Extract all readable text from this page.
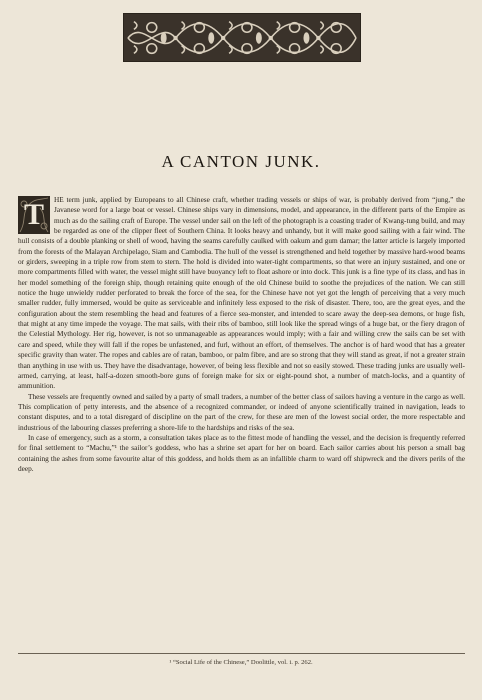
A CANTON JUNK.

T	HE term junk, applied by Europeans to all Chinese craft, whether trading vessels or ships of war, is probably derived from “jung,” the Javanese word for a large boat or vessel. Chinese ships vary in dimensions, model, and appearance, in the different parts of the Empire as much as do the sailing craft of Europe. The vessel under sail on the left of the photograph is a coasting trader of Kwang-tung build, and may be regarded as one of the clipper fleet of Southern China. It looks heavy and unhandy, but it will make good sailing with a fair wind. The hull consists of a double planking or shell of wood, having the seams carefully caulked with oakum and gum damar; the latter article is largely imported from the forests of the Malayan Archipelago, Siam and Cambodia. The hull of the vessel is strengthened and held together by massive hard-wood beams or girders, sweeping in a triple row from stem to stern. The hold is divided into water-tight compartments, so that were an injury sustained, and one or more compartments filled with water, the vessel might still have buoyancy left to float ashore or into dock. This junk is a fine type of its class, and has in her model something of the foreign ship, though retaining quite enough of the old Chinese build to soothe the prejudices of the nation. We can still notice the huge unwieldy rudder perforated to break the force of the sea, for the Chinese have not yet got the length of perceiving that a very much smaller rudder, fully immersed, would be quite as serviceable and infinitely less exposed to the risk of disaster. There, too, are the great eyes, and the configuration about the stem resembling the head and features of a fierce sea-monster, and intended to scare away the deep-sea demons, or huge fish, that might at any time impede the voyage. The mat sails, with their ribs of bamboo, still look like the spread wings of a huge bat, or the fiery dragon of the Celestial Mythology. Her rig, however, is not so unmanageable as appearances would imply; with a fair and willing crew the sails can be set with care and speed, while they will fall if the ropes be unfastened, and furl, without an effort, of themselves. The anchor is of hard wood that has a greater specific gravity than water. The ropes and cables are of ratan, bamboo, or palm fibre, and are so strong that they will stand as great, if not a greater strain than anything in use with us. They have the disadvantage, however, of being less flexible and not so easily stowed. These trading junks are usually well-armed, carrying, at least, half-a-dozen smooth-bore guns of foreign make for six or eight-pound shot, a number of match-locks, and a quantity of ammunition.

These vessels are frequently owned and sailed by a party of small traders, a number of the better class of sailors having a venture in the cargo as well. This complication of petty interests, and the absence of a recognized commander, or indeed of anyone scientifically trained in navigation, leads to constant disputes, and to a total disregard of discipline on the part of the crew, for these are men of the lowest social order, the more respectable and industrious of the labouring classes preferring a shore-life to the hardships and risks of the sea.

In case of emergency, such as a storm, a consultation takes place as to the fittest mode of handling the vessel, and the decision is frequently referred for final settlement to “Machu,”¹ the sailor’s goddess, who has a shrine set apart for her on board. Each sailor carries about his person a small bag containing the ashes from some favourite altar of this goddess, and holds them as an infallible charm to ward off shipwreck and the divers perils of the deep.

¹ “Social Life of the Chinese,” Doolittle, vol. i. p. 262.
